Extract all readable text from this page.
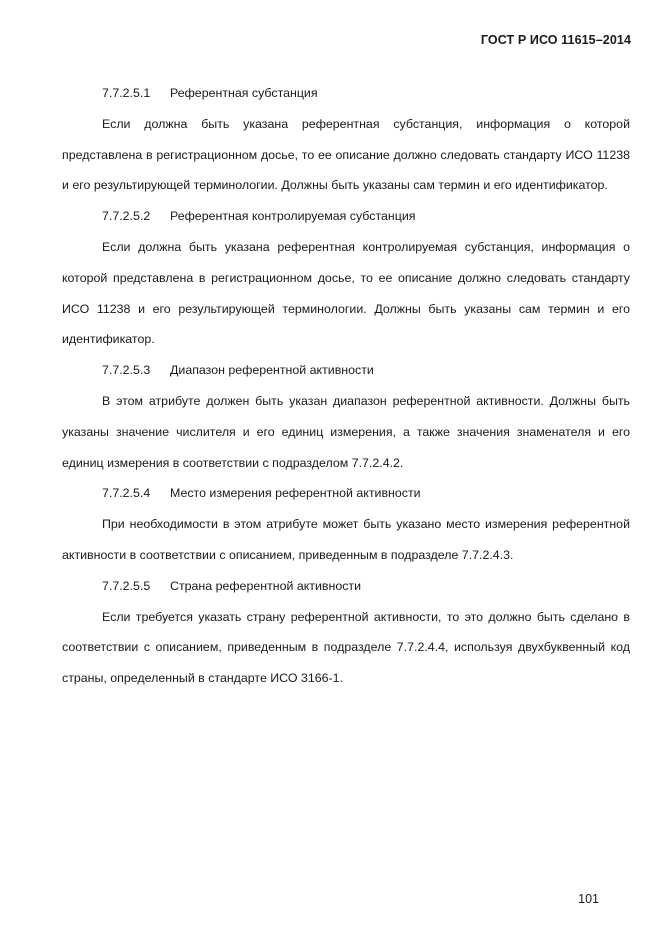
ГОСТ Р ИСО 11615–2014

7.7.2.5.1 Референтная субстанция

Если должна быть указана референтная субстанция, информация о которой представлена в регистрационном досье, то ее описание должно следовать стандарту ИСО 11238 и его результирующей терминологии. Должны быть указаны сам термин и его идентификатор.

7.7.2.5.2 Референтная контролируемая субстанция

Если должна быть указана референтная контролируемая субстанция, информация о которой представлена в регистрационном досье, то ее описание должно следовать стандарту ИСО 11238 и его результирующей терминологии. Должны быть указаны сам термин и его идентификатор.

7.7.2.5.3 Диапазон референтной активности

В этом атрибуте должен быть указан диапазон референтной активности. Должны быть указаны значение числителя и его единиц измерения, а также значения знаменателя и его единиц измерения в соответствии с подразделом 7.7.2.4.2.

7.7.2.5.4 Место измерения референтной активности

При необходимости в этом атрибуте может быть указано место измерения референтной активности в соответствии с описанием, приведенным в подразделе 7.7.2.4.3.

7.7.2.5.5 Страна референтной активности

Если требуется указать страну референтной активности, то это должно быть сделано в соответствии с описанием, приведенным в подразделе 7.7.2.4.4, используя двухбуквенный код страны, определенный в стандарте ИСО 3166-1.

101
